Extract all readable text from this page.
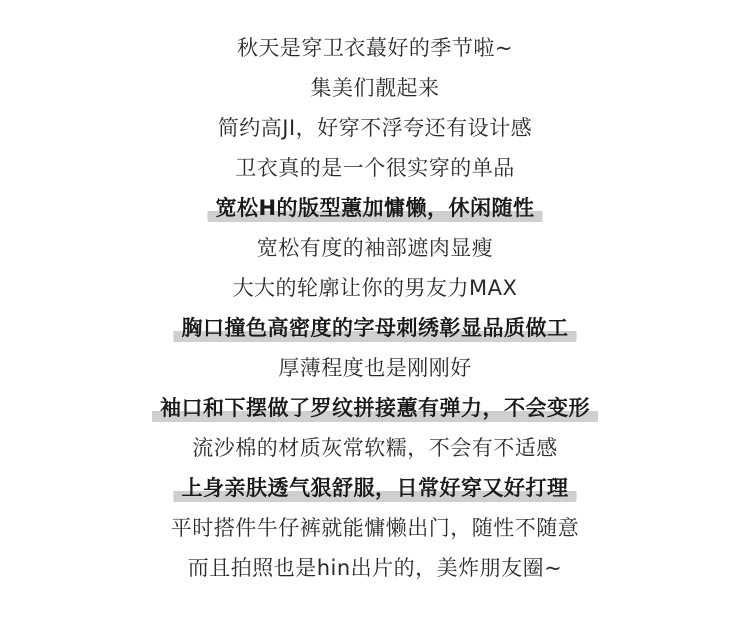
秋天是穿卫衣蕞好的季节啦~
集美们靓起来
简约高JI，好穿不浮夸还有设计感
卫衣真的是一个很实穿的单品
宽松H的版型蕙加慵懒，休闲随性
宽松有度的袖部遮肉显瘦
大大的轮廓让你的男友力MAX
胸口撞色高密度的字母刺绣彰显品质做工
厚薄程度也是刚刚好
袖口和下摆做了罗纹拼接蕙有弹力，不会变形
流沙棉的材质灰常软糯，不会有不适感
上身亲肤透气狠舒服，日常好穿又好打理
平时搭件牛仔裤就能慵懒出门，随性不随意
而且拍照也是hin出片的，美炸朋友圈~
